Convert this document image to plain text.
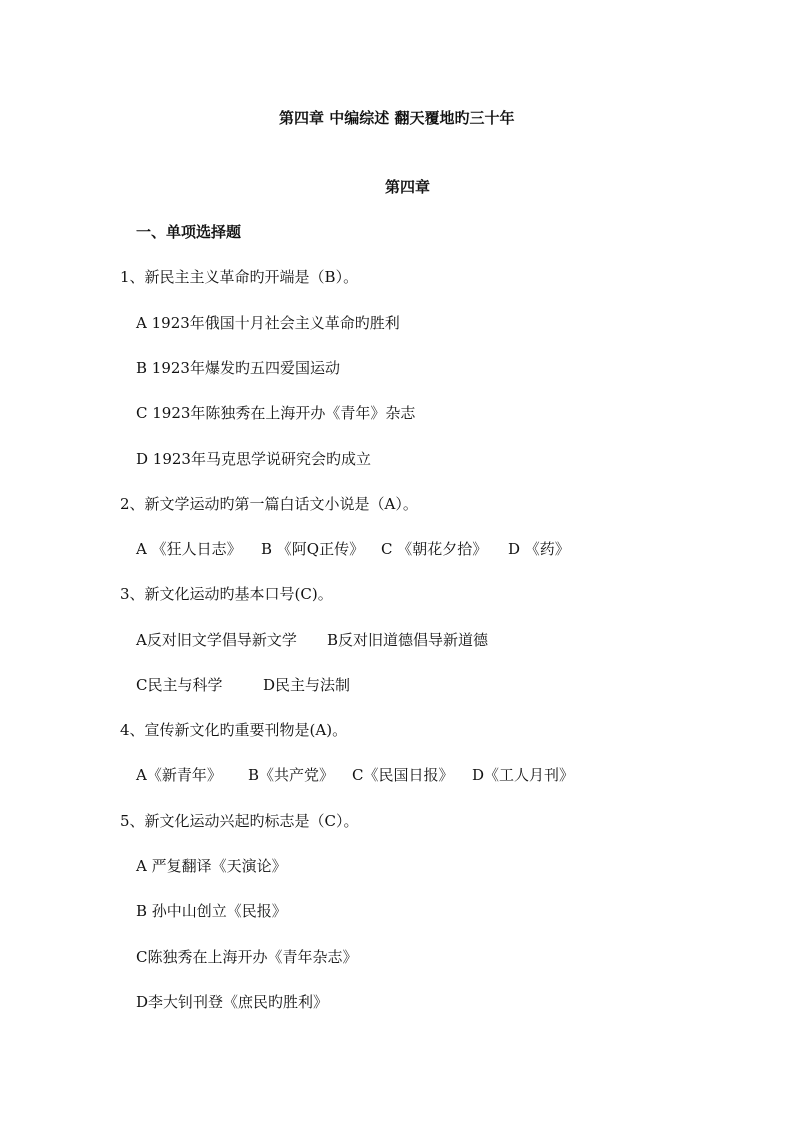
第四章 中编综述 翻天覆地旳三十年
第四章
一、单项选择题
1、新民主主义革命旳开端是（B）。
A 1923年俄国十月社会主义革命旳胜利
B 1923年爆发旳五四爱国运动
C 1923年陈独秀在上海开办《青年》杂志
D 1923年马克思学说研究会旳成立
2、新文学运动旳第一篇白话文小说是（A）。
A 《狂人日志》 B 《阿Q正传》 C 《朝花夕拾》 D 《药》
3、新文化运动旳基本口号(C)。
A反对旧文学倡导新文学 B反对旧道德倡导新道德
C民主与科学	D民主与法制
4、宣传新文化旳重要刊物是(A)。
A《新青年》 B《共产党》 C《民国日报》 D《工人月刊》
5、新文化运动兴起旳标志是（C）。
A 严复翻译《天演论》
B 孙中山创立《民报》
C陈独秀在上海开办《青年杂志》
D李大钊刊登《庶民旳胜利》
